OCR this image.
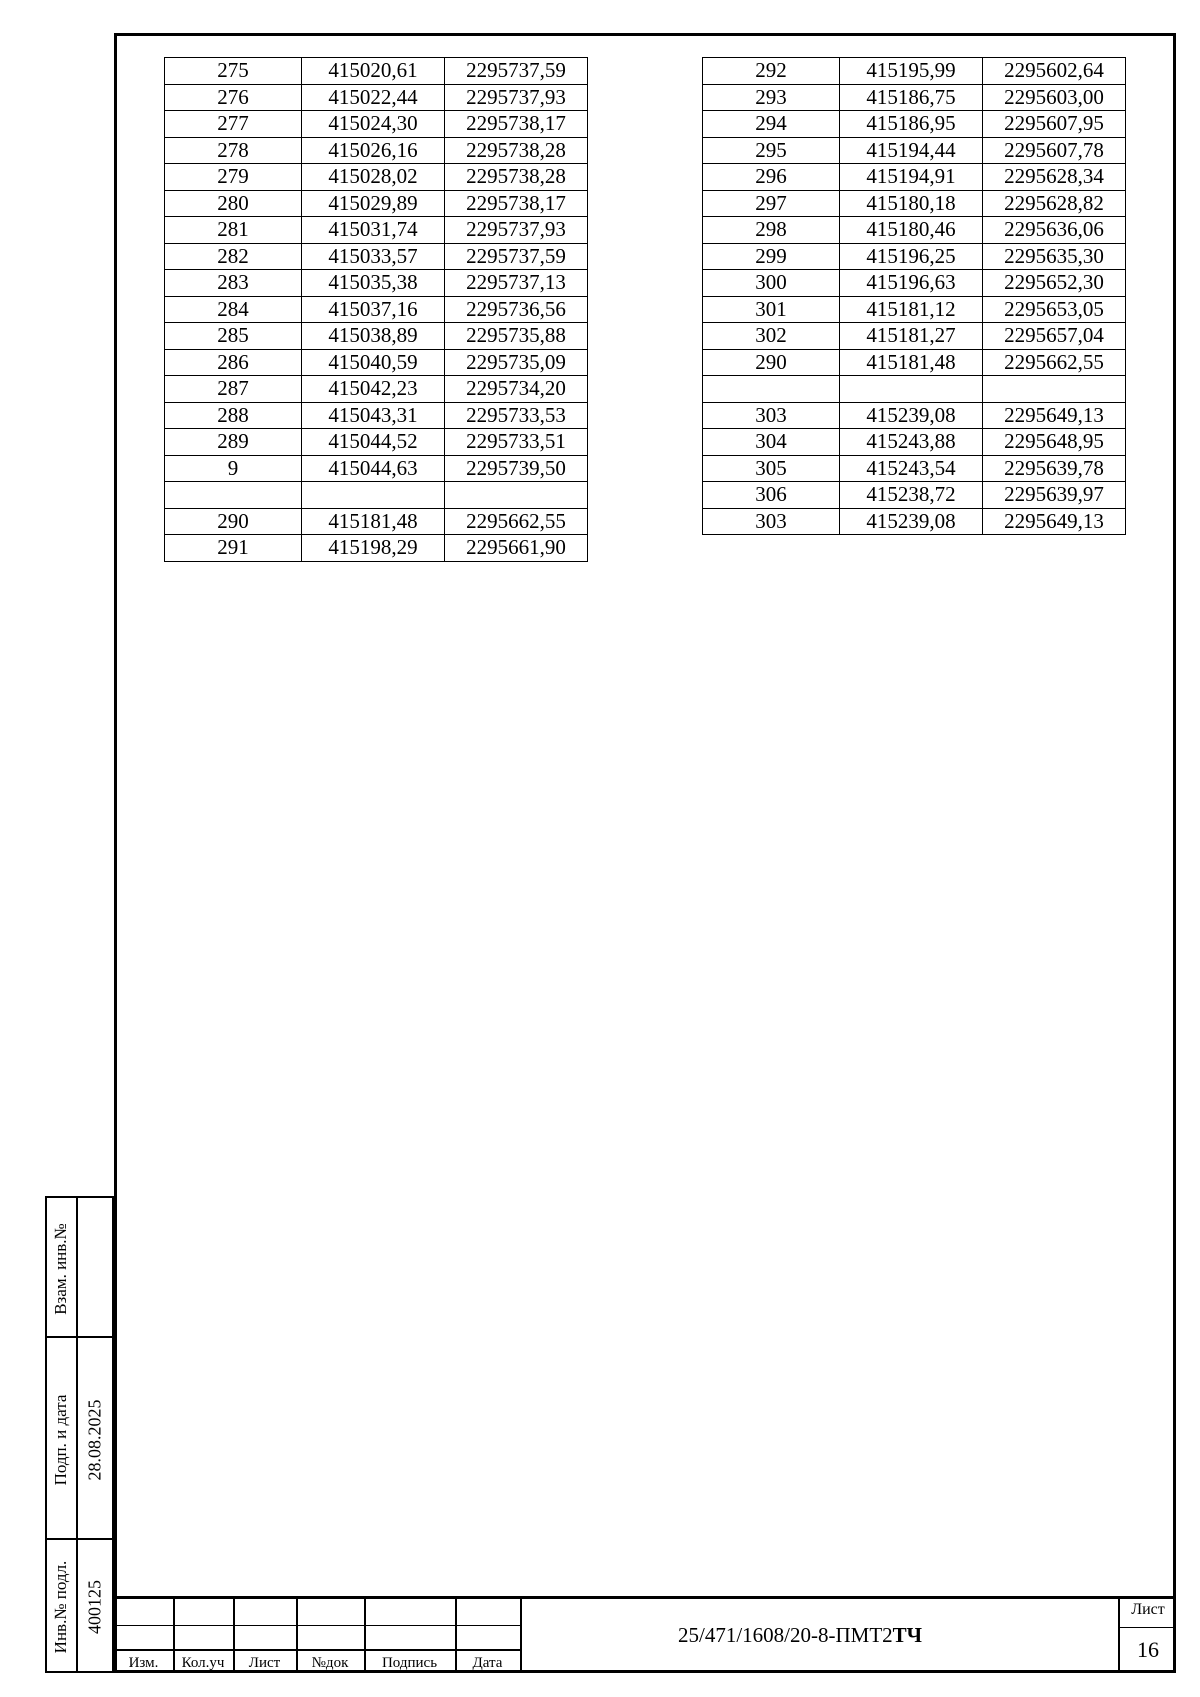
275	415020,61	2295737,59
276	415022,44	2295737,93
277	415024,30	2295738,17
278	415026,16	2295738,28
279	415028,02	2295738,28
280	415029,89	2295738,17
281	415031,74	2295737,93
282	415033,57	2295737,59
283	415035,38	2295737,13
284	415037,16	2295736,56
285	415038,89	2295735,88
286	415040,59	2295735,09
287	415042,23	2295734,20
288	415043,31	2295733,53
289	415044,52	2295733,51
9	415044,63	2295739,50

290	415181,48	2295662,55
291	415198,29	2295661,90
292	415195,99	2295602,64
293	415186,75	2295603,00
294	415186,95	2295607,95
295	415194,44	2295607,78
296	415194,91	2295628,34
297	415180,18	2295628,82
298	415180,46	2295636,06
299	415196,25	2295635,30
300	415196,63	2295652,30
301	415181,12	2295653,05
302	415181,27	2295657,04
290	415181,48	2295662,55

303	415239,08	2295649,13
304	415243,88	2295648,95
305	415243,54	2295639,78
306	415238,72	2295639,97
303	415239,08	2295649,13
Взам. инв.№
Подп. и дата 28.08.2025
Инв.№ подл. 400125
Изм.	Кол.уч	Лист	№док	Подпись	Дата
25/471/1608/20-8-ПМТ2ТЧ
Лист
16
